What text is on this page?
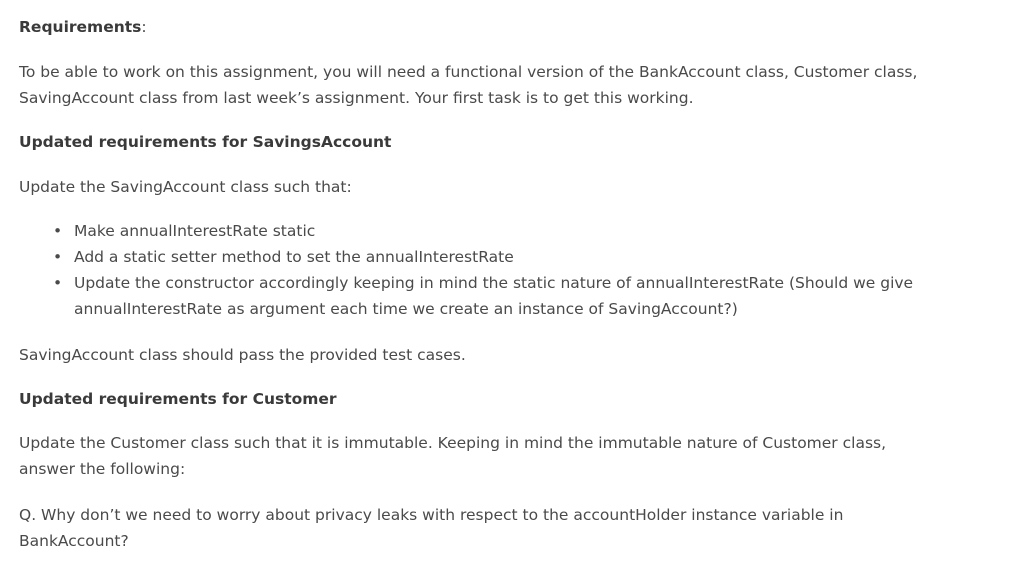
Requirements:

To be able to work on this assignment, you will need a functional version of the BankAccount class, Customer class, SavingAccount class from last week’s assignment. Your first task is to get this working.

Updated requirements for SavingsAccount

Update the SavingAccount class such that:

• Make annualInterestRate static
• Add a static setter method to set the annualInterestRate
• Update the constructor accordingly keeping in mind the static nature of annualInterestRate (Should we give annualInterestRate as argument each time we create an instance of SavingAccount?)

SavingAccount class should pass the provided test cases.

Updated requirements for Customer

Update the Customer class such that it is immutable. Keeping in mind the immutable nature of Customer class, answer the following:

Q. Why don’t we need to worry about privacy leaks with respect to the accountHolder instance variable in BankAccount?
